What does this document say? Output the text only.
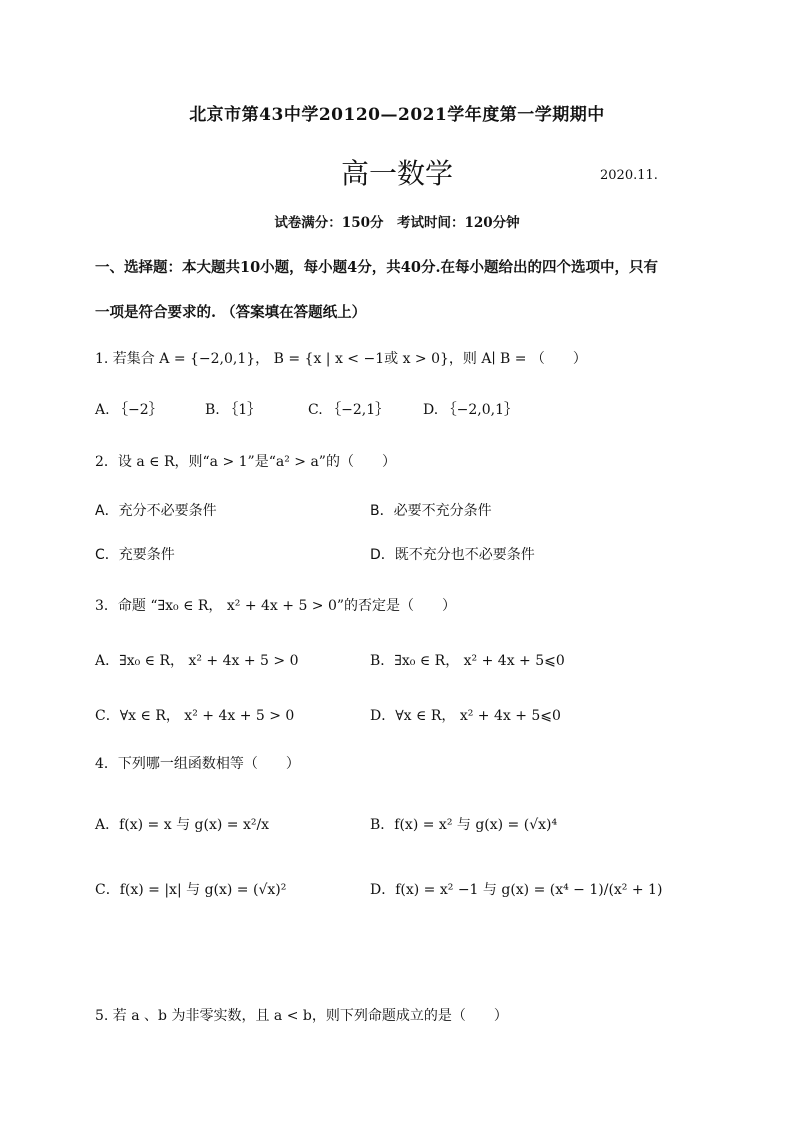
北京市第43中学20120—2021学年度第一学期期中
高一数学	2020.11.
试卷满分：150分　考试时间：120分钟
一、选择题：本大题共10小题，每小题4分，共40分.在每小题给出的四个选项中，只有
一项是符合要求的. （答案填在答题纸上）
1. 若集合 A = {−2,0,1}， B = {x | x < −1或 x > 0}，则 A∣ B = （　　）
A. ｛−2｝	B. ｛1｝	C. ｛−2,1｝ D. ｛−2,0,1｝
2．设 a ∈ R，则“a > 1”是“a² > a”的（　　）
A．充分不必要条件	B．必要不充分条件
C．充要条件	D．既不充分也不必要条件
3．命题 “∃x₀ ∈ R， x² + 4x + 5 > 0”的否定是（　　）
A．∃x₀ ∈ R， x² + 4x + 5 > 0	B．∃x₀ ∈ R， x² + 4x + 5⩽0
C．∀x ∈ R， x² + 4x + 5 > 0	D．∀x ∈ R， x² + 4x + 5⩽0
4．下列哪一组函数相等（　　）
A．f(x) = x 与 g(x) = x²/x	B．f(x) = x² 与 g(x) = (√x)⁴
C．f(x) = |x| 与 g(x) = (√x)²	D．f(x) = x² −1 与 g(x) = (x⁴ − 1)/(x² + 1)
5. 若 a 、b 为非零实数，且 a < b，则下列命题成立的是（　　）
